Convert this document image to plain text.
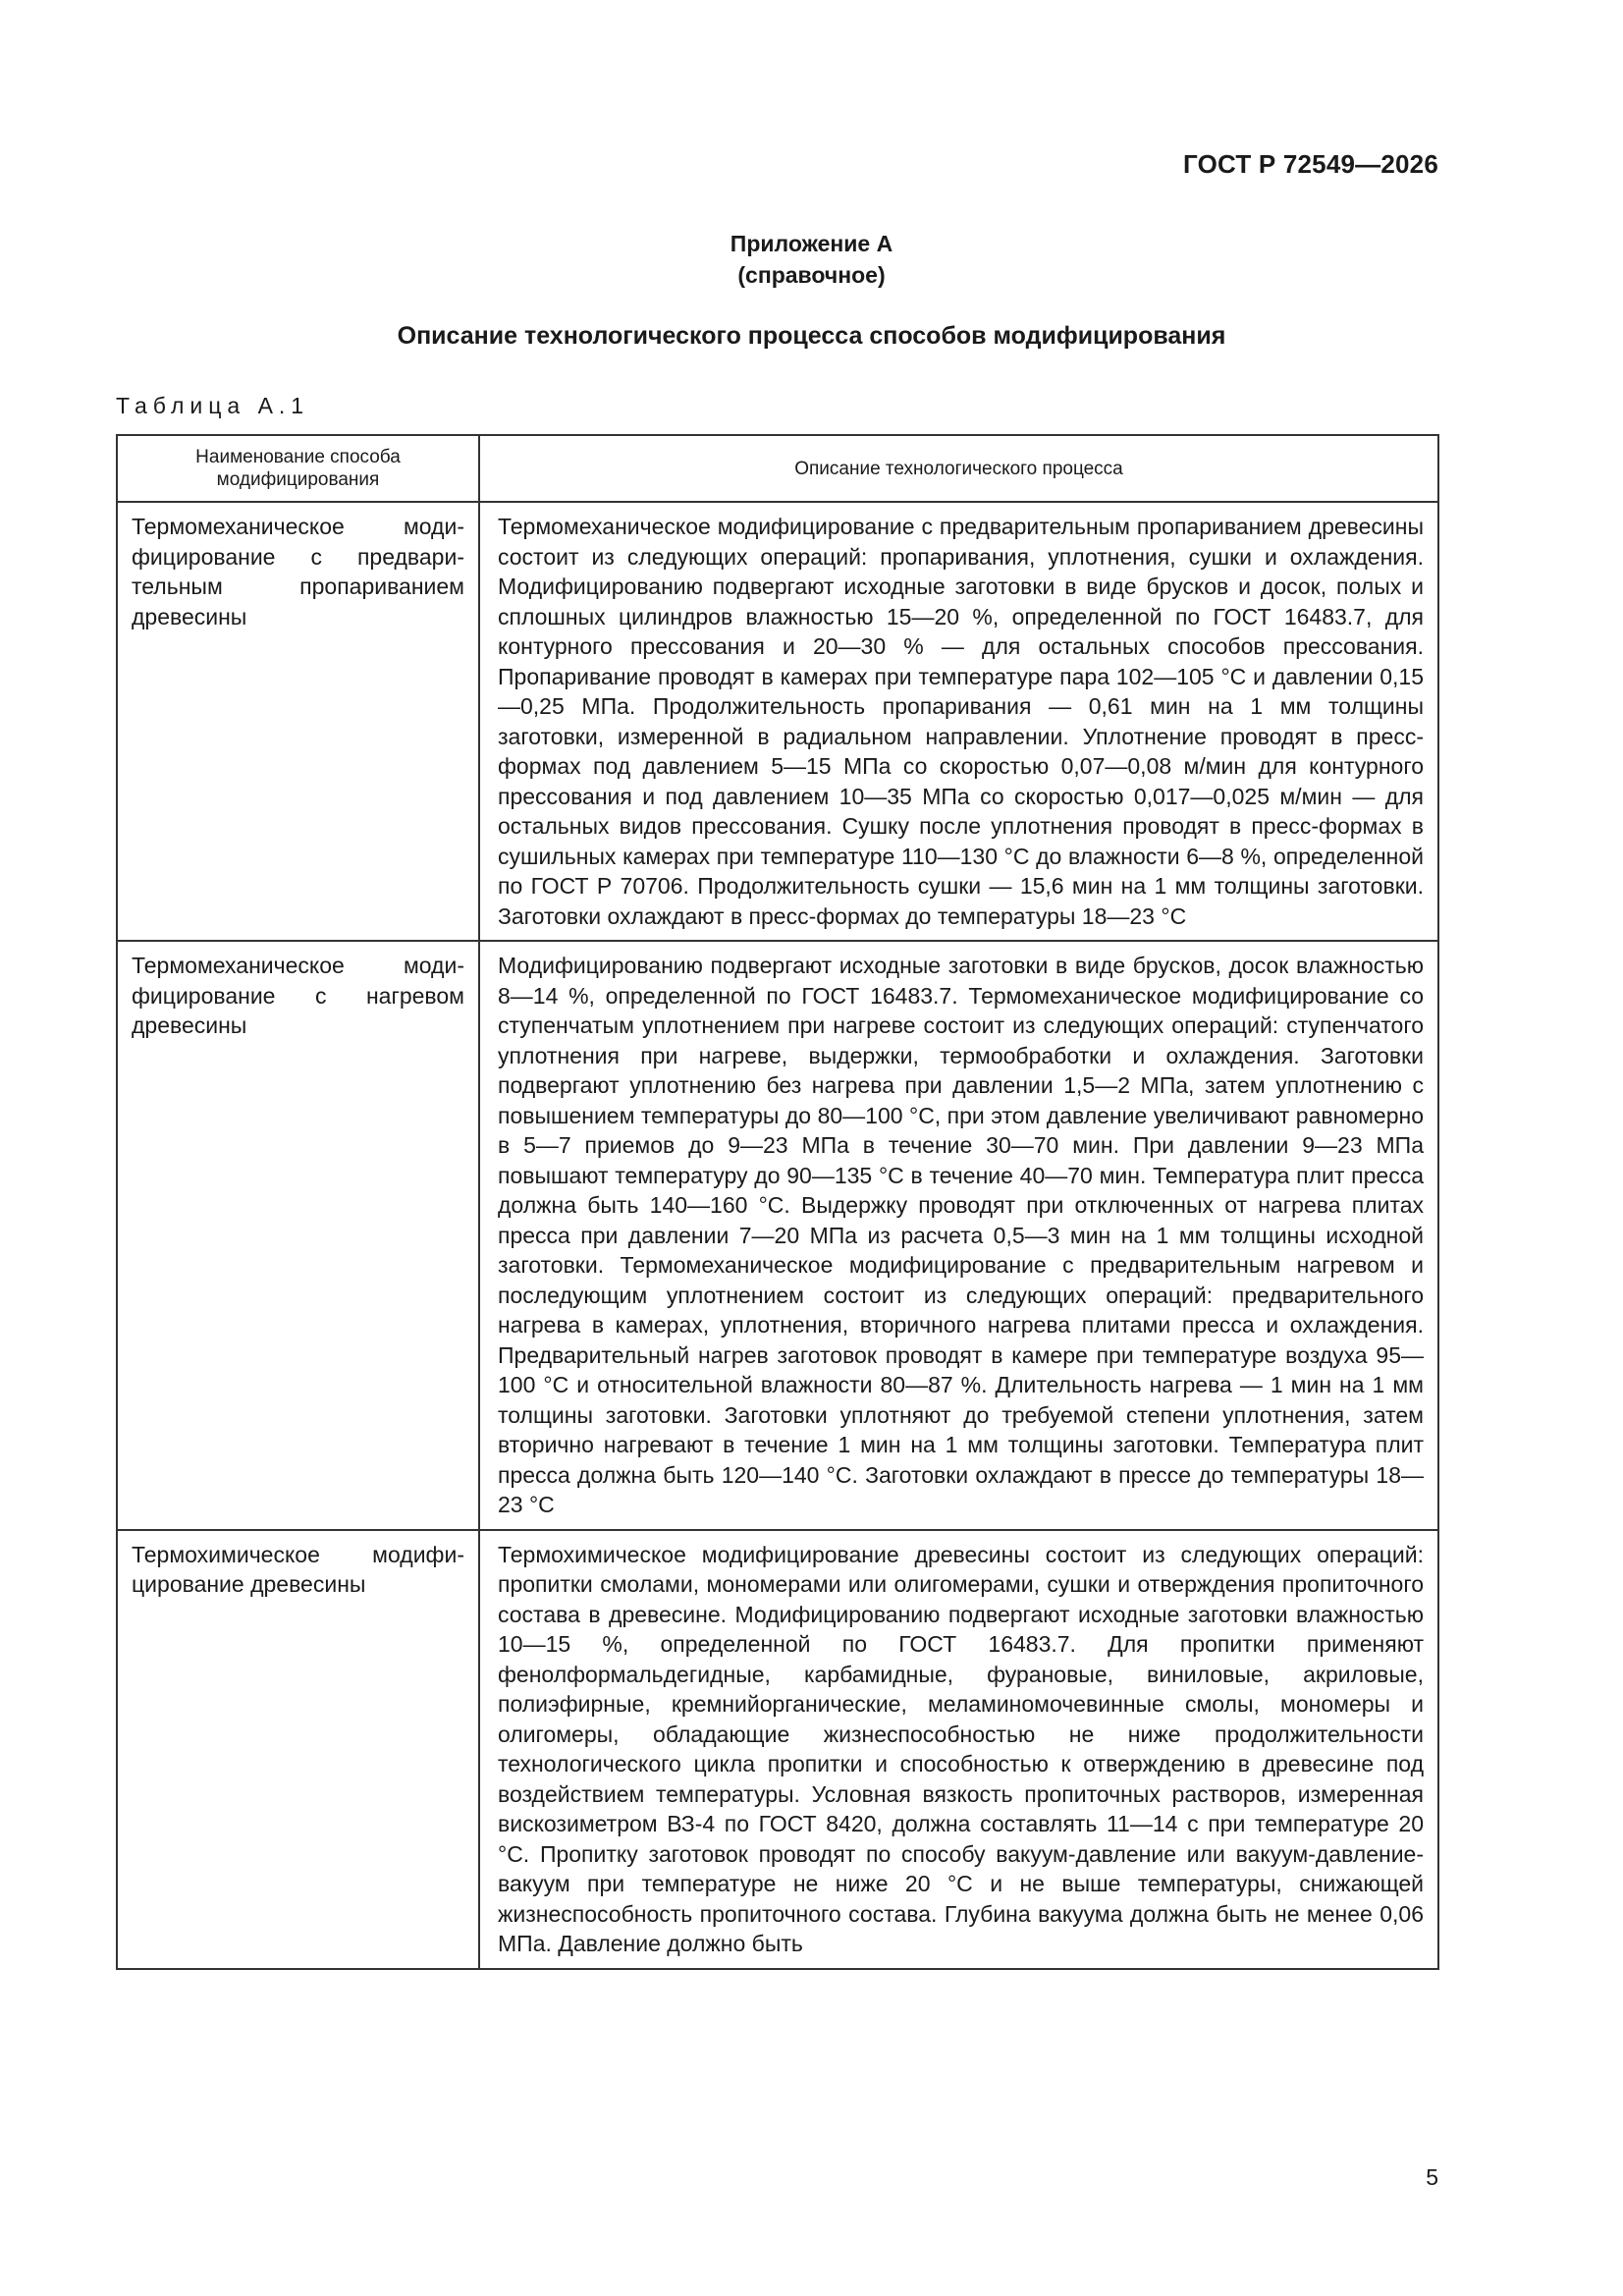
ГОСТ Р 72549—2026
Приложение А
(справочное)
Описание технологического процесса способов модифицирования
Таблица А.1
Наименование способа модифицирования	Описание технологического процесса
Термомеханическое модифицирование с предварительным пропариванием древесины	Термомеханическое модифицирование с предварительным пропариванием древесины состоит из следующих операций: пропаривания, уплотнения, сушки и охлаждения. Модифицированию подвергают исходные заготовки в виде брусков и досок, полых и сплошных цилиндров влажностью 15—20 %, определенной по ГОСТ 16483.7, для контурного прессования и 20—30 % — для остальных способов прессования. Пропаривание проводят в камерах при температуре пара 102—105 °С и давлении 0,15—0,25 МПа. Продолжительность пропаривания — 0,61 мин на 1 мм толщины заготовки, измеренной в радиальном направлении. Уплотнение проводят в пресс-формах под давлением 5—15 МПа со скоростью 0,07—0,08 м/мин для контурного прессования и под давлением 10—35 МПа со скоростью 0,017—0,025 м/мин — для остальных видов прессования. Сушку после уплотнения проводят в пресс-формах в сушильных камерах при температуре 110—130 °С до влажности 6—8 %, определенной по ГОСТ Р 70706. Продолжительность сушки — 15,6 мин на 1 мм толщины заготовки. Заготовки охлаждают в пресс-формах до температуры 18—23 °С
Термомеханическое модифицирование с нагревом древесины	Модифицированию подвергают исходные заготовки в виде брусков, досок влажностью 8—14 %, определенной по ГОСТ 16483.7. Термомеханическое модифицирование со ступенчатым уплотнением при нагреве состоит из следующих операций: ступенчатого уплотнения при нагреве, выдержки, термообработки и охлаждения. Заготовки подвергают уплотнению без нагрева при давлении 1,5—2 МПа, затем уплотнению с повышением температуры до 80—100 °С, при этом давление увеличивают равномерно в 5—7 приемов до 9—23 МПа в течение 30—70 мин. При давлении 9—23 МПа повышают температуру до 90—135 °С в течение 40—70 мин. Температура плит пресса должна быть 140—160 °С. Выдержку проводят при отключенных от нагрева плитах пресса при давлении 7—20 МПа из расчета 0,5—3 мин на 1 мм толщины исходной заготовки. Термомеханическое модифицирование с предварительным нагревом и последующим уплотнением состоит из следующих операций: предварительного нагрева в камерах, уплотнения, вторичного нагрева плитами пресса и охлаждения. Предварительный нагрев заготовок проводят в камере при температуре воздуха 95—100 °С и относительной влажности 80—87 %. Длительность нагрева — 1 мин на 1 мм толщины заготовки. Заготовки уплотняют до требуемой степени уплотнения, затем вторично нагревают в течение 1 мин на 1 мм толщины заготовки. Температура плит пресса должна быть 120—140 °С. Заготовки охлаждают в прессе до температуры 18—23 °С
Термохимическое модифицирование древесины	Термохимическое модифицирование древесины состоит из следующих операций: пропитки смолами, мономерами или олигомерами, сушки и отверждения пропиточного состава в древесине. Модифицированию подвергают исходные заготовки влажностью 10—15 %, определенной по ГОСТ 16483.7. Для пропитки применяют фенолформальдегидные, карбамидные, фурановые, виниловые, акриловые, полиэфирные, кремнийорганические, меламиномочевинные смолы, мономеры и олигомеры, обладающие жизнеспособностью не ниже продолжительности технологического цикла пропитки и способностью к отверждению в древесине под воздействием температуры. Условная вязкость пропиточных растворов, измеренная вискозиметром ВЗ-4 по ГОСТ 8420, должна составлять 11—14 с при температуре 20 °С. Пропитку заготовок проводят по способу вакуум-давление или вакуум-давление-вакуум при температуре не ниже 20 °С и не выше температуры, снижающей жизнеспособность пропиточного состава. Глубина вакуума должна быть не менее 0,06 МПа. Давление должно быть
5
